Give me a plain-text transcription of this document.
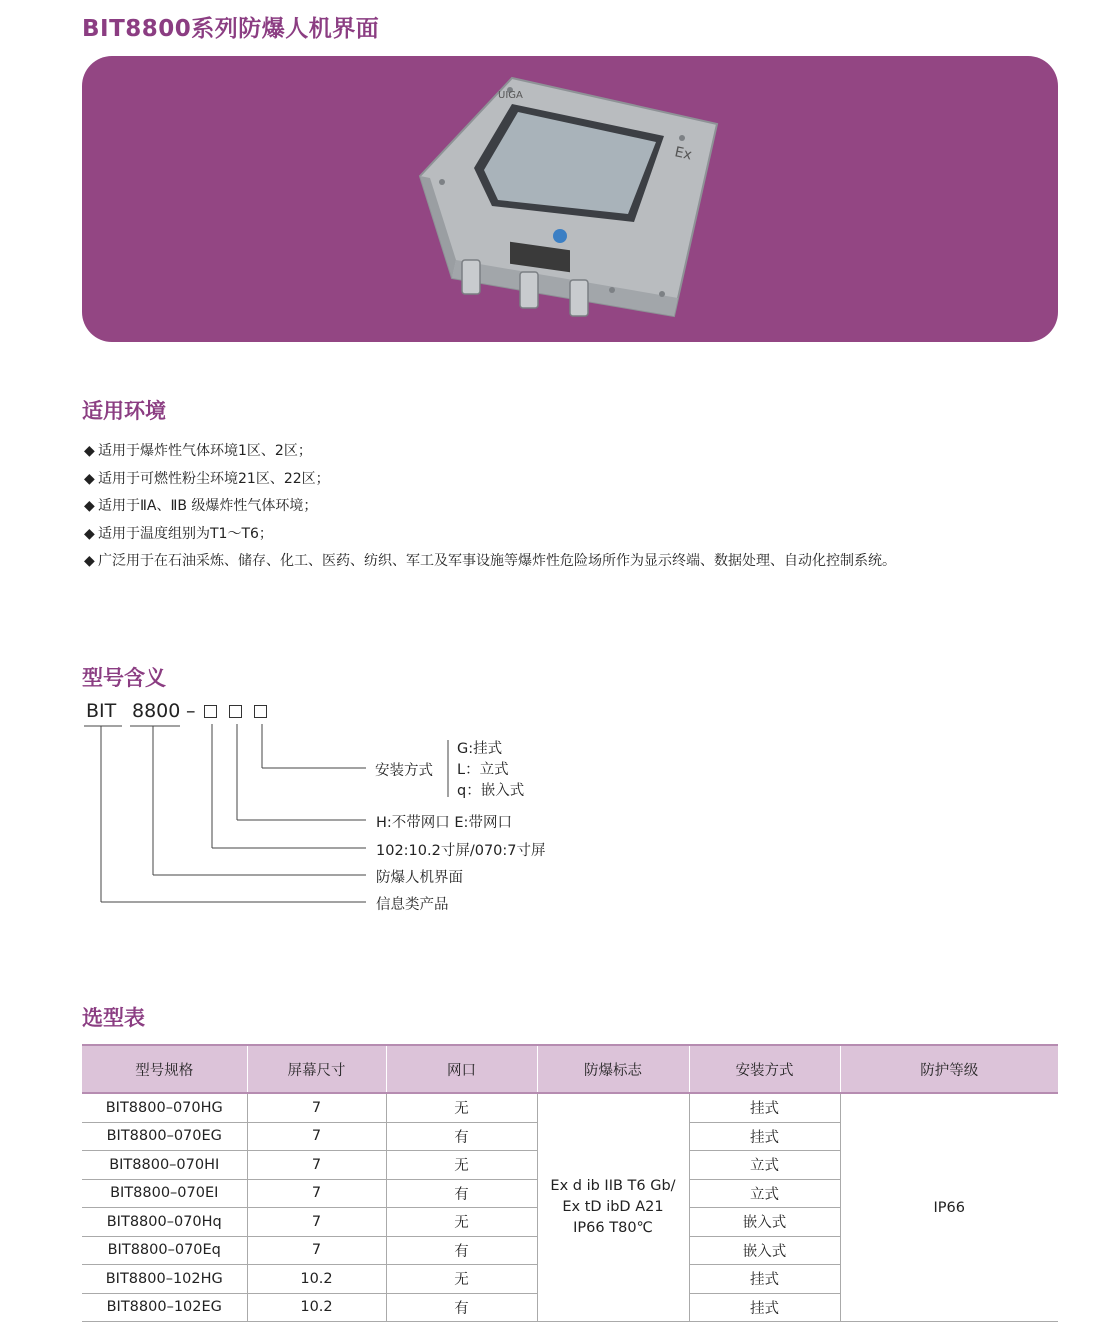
BIT8800系列防爆人机界面
UIGA
Ex
适用环境
◆ 适用于爆炸性气体环境1区、2区；
◆ 适用于可燃性粉尘环境21区、22区；
◆ 适用于ⅡA、ⅡB 级爆炸性气体环境；
◆ 适用于温度组别为T1～T6；
◆ 广泛用于在石油采炼、储存、化工、医药、纺织、军工及军事设施等爆炸性危险场所作为显示终端、数据处理、自动化控制系统。
型号含义
BIT 8800 –
安装方式
G:挂式
L：立式
q：嵌入式
H:不带网口 E:带网口
102:10.2寸屏/070:7寸屏
防爆人机界面
信息类产品
选型表
型号规格	屏幕尺寸	网口	防爆标志	安装方式	防护等级
BIT8800–070HG	7	无	Ex d ib IIB T6 Gb/
Ex tD ibD A21
IP66 T80℃	挂式	IP66
BIT8800–070EG	7	有		挂式	
BIT8800–070HI	7	无		立式	
BIT8800–070EI	7	有		立式	
BIT8800–070Hq	7	无		嵌入式	
BIT8800–070Eq	7	有		嵌入式	
BIT8800–102HG	10.2	无		挂式	
BIT8800–102EG	10.2	有		挂式	
